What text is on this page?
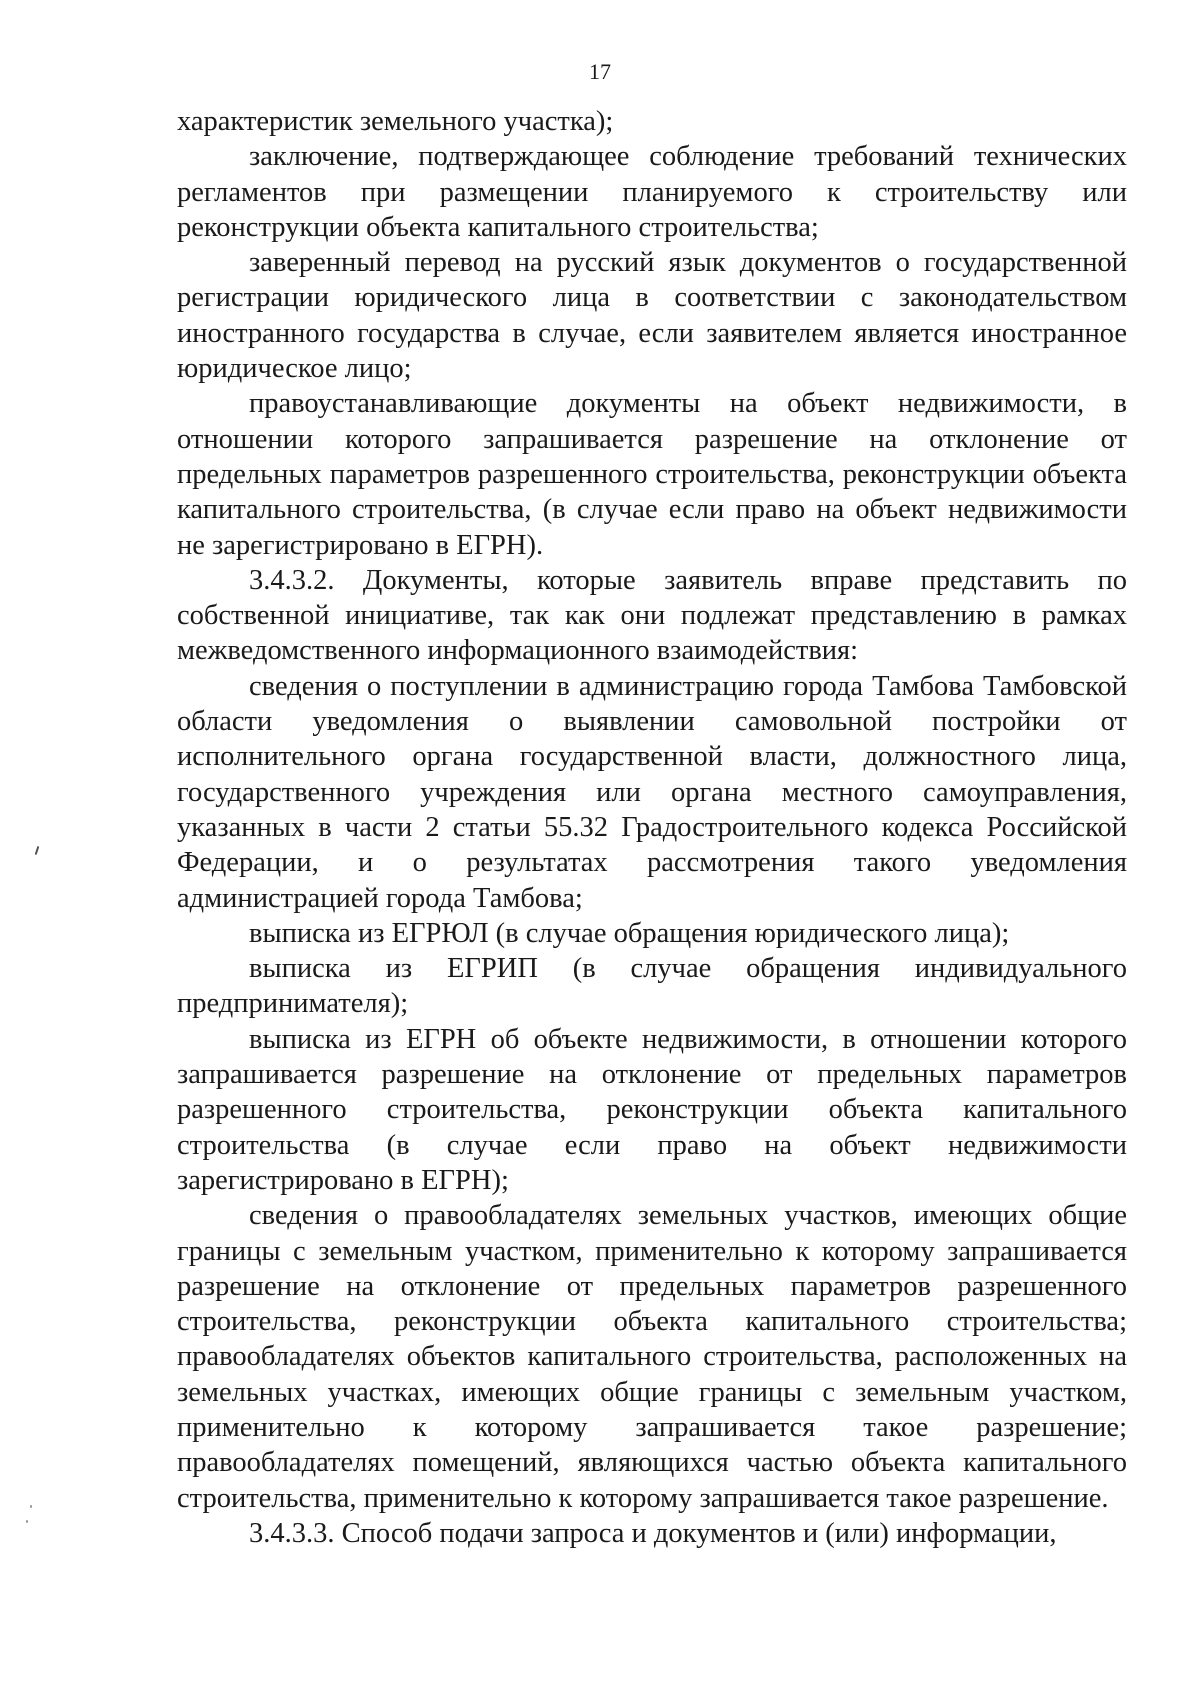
17

характеристик земельного участка);

заключение, подтверждающее соблюдение требований технических регламентов при размещении планируемого к строительству или реконструкции объекта капитального строительства;

заверенный перевод на русский язык документов о государственной регистрации юридического лица в соответствии с законодательством иностранного государства в случае, если заявителем является иностранное юридическое лицо;

правоустанавливающие документы на объект недвижимости, в отношении которого запрашивается разрешение на отклонение от предельных параметров разрешенного строительства, реконструкции объекта капитального строительства, (в случае если право на объект недвижимости не зарегистрировано в ЕГРН).

3.4.3.2. Документы, которые заявитель вправе представить по собственной инициативе, так как они подлежат представлению в рамках межведомственного информационного взаимодействия:

сведения о поступлении в администрацию города Тамбова Тамбовской области уведомления о выявлении самовольной постройки от исполнительного органа государственной власти, должностного лица, государственного учреждения или органа местного самоуправления, указанных в части 2 статьи 55.32 Градостроительного кодекса Российской Федерации, и о результатах рассмотрения такого уведомления администрацией города Тамбова;

выписка из ЕГРЮЛ (в случае обращения юридического лица);

выписка из ЕГРИП (в случае обращения индивидуального предпринимателя);

выписка из ЕГРН об объекте недвижимости, в отношении которого запрашивается разрешение на отклонение от предельных параметров разрешенного строительства, реконструкции объекта капитального строительства (в случае если право на объект недвижимости зарегистрировано в ЕГРН);

сведения о правообладателях земельных участков, имеющих общие границы с земельным участком, применительно к которому запрашивается разрешение на отклонение от предельных параметров разрешенного строительства, реконструкции объекта капитального строительства; правообладателях объектов капитального строительства, расположенных на земельных участках, имеющих общие границы с земельным участком, применительно к которому запрашивается такое разрешение; правообладателях помещений, являющихся частью объекта капитального строительства, применительно к которому запрашивается такое разрешение.

3.4.3.3. Способ подачи запроса и документов и (или) информации,
